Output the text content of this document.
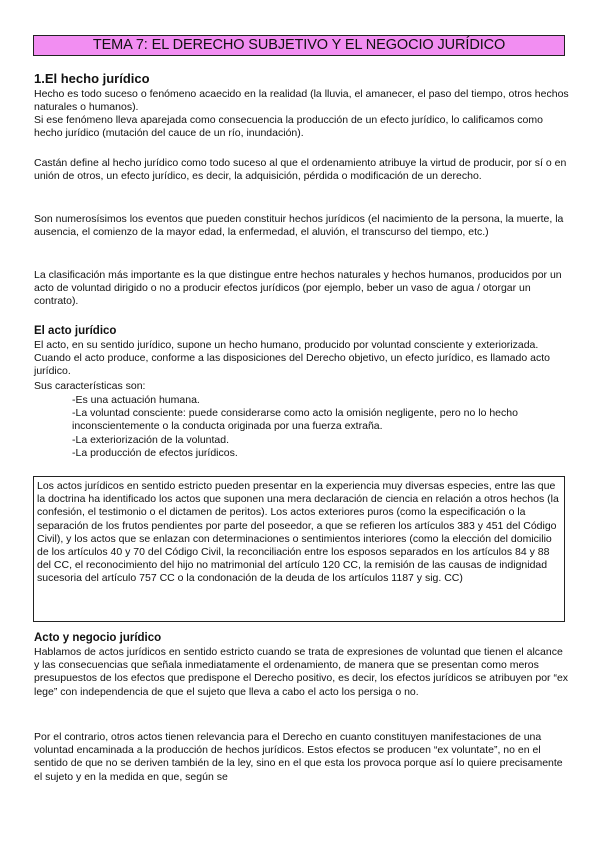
TEMA 7: EL DERECHO SUBJETIVO Y EL NEGOCIO JURÍDICO
1.El hecho jurídico

Hecho es todo suceso o fenómeno acaecido en la realidad (la lluvia, el amanecer, el paso del tiempo, otros hechos naturales o humanos).

Si ese fenómeno lleva aparejada como consecuencia la producción de un efecto jurídico, lo calificamos como hecho jurídico (mutación del cauce de un río, inundación).

Castán define al hecho jurídico como todo suceso al que el ordenamiento atribuye la virtud de producir, por sí o en unión de otros, un efecto jurídico, es decir, la adquisición, pérdida o modificación de un derecho.

Son numerosísimos los eventos que pueden constituir hechos jurídicos (el nacimiento de la persona, la muerte, la ausencia, el comienzo de la mayor edad, la enfermedad, el aluvión, el transcurso del tiempo, etc.)

La clasificación más importante es la que distingue entre hechos naturales y hechos humanos, producidos por un acto de voluntad dirigido o no a producir efectos jurídicos (por ejemplo, beber un vaso de agua / otorgar un contrato).

El acto jurídico

El acto, en su sentido jurídico, supone un hecho humano, producido por voluntad consciente y exteriorizada. Cuando el acto produce, conforme a las disposiciones del Derecho objetivo, un efecto jurídico, es llamado acto jurídico.

Sus características son:

-Es una actuación humana.
-La voluntad consciente: puede considerarse como acto la omisión negligente, pero no lo hecho inconscientemente o la conducta originada por una fuerza extraña.
-La exteriorización de la voluntad.
-La producción de efectos jurídicos.

Los actos jurídicos en sentido estricto pueden presentar en la experiencia muy diversas especies, entre las que la doctrina ha identificado los actos que suponen una mera declaración de ciencia en relación a otros hechos (la confesión, el testimonio o el dictamen de peritos). Los actos exteriores puros (como la especificación o la separación de los frutos pendientes por parte del poseedor, a que se refieren los artículos 383 y 451 del Código Civil), y los actos que se enlazan con determinaciones o sentimientos interiores (como la elección del domicilio de los artículos 40 y 70 del Código Civil, la reconciliación entre los esposos separados en los artículos 84 y 88 del CC, el reconocimiento del hijo no matrimonial del artículo 120 CC, la remisión de las causas de indignidad sucesoria del artículo 757 CC o la condonación de la deuda de los artículos 1187 y sig. CC)

Acto y negocio jurídico

Hablamos de actos jurídicos en sentido estricto cuando se trata de expresiones de voluntad que tienen el alcance y las consecuencias que señala inmediatamente el ordenamiento, de manera que se presentan como meros presupuestos de los efectos que predispone el Derecho positivo, es decir, los efectos jurídicos se atribuyen por “ex lege” con independencia de que el sujeto que lleva a cabo el acto los persiga o no.

Por el contrario, otros actos tienen relevancia para el Derecho en cuanto constituyen manifestaciones de una voluntad encaminada a la producción de hechos jurídicos. Estos efectos se producen “ex voluntate”, no en el sentido de que no se deriven también de la ley, sino en el que esta los provoca porque así lo quiere precisamente el sujeto y en la medida en que, según se
